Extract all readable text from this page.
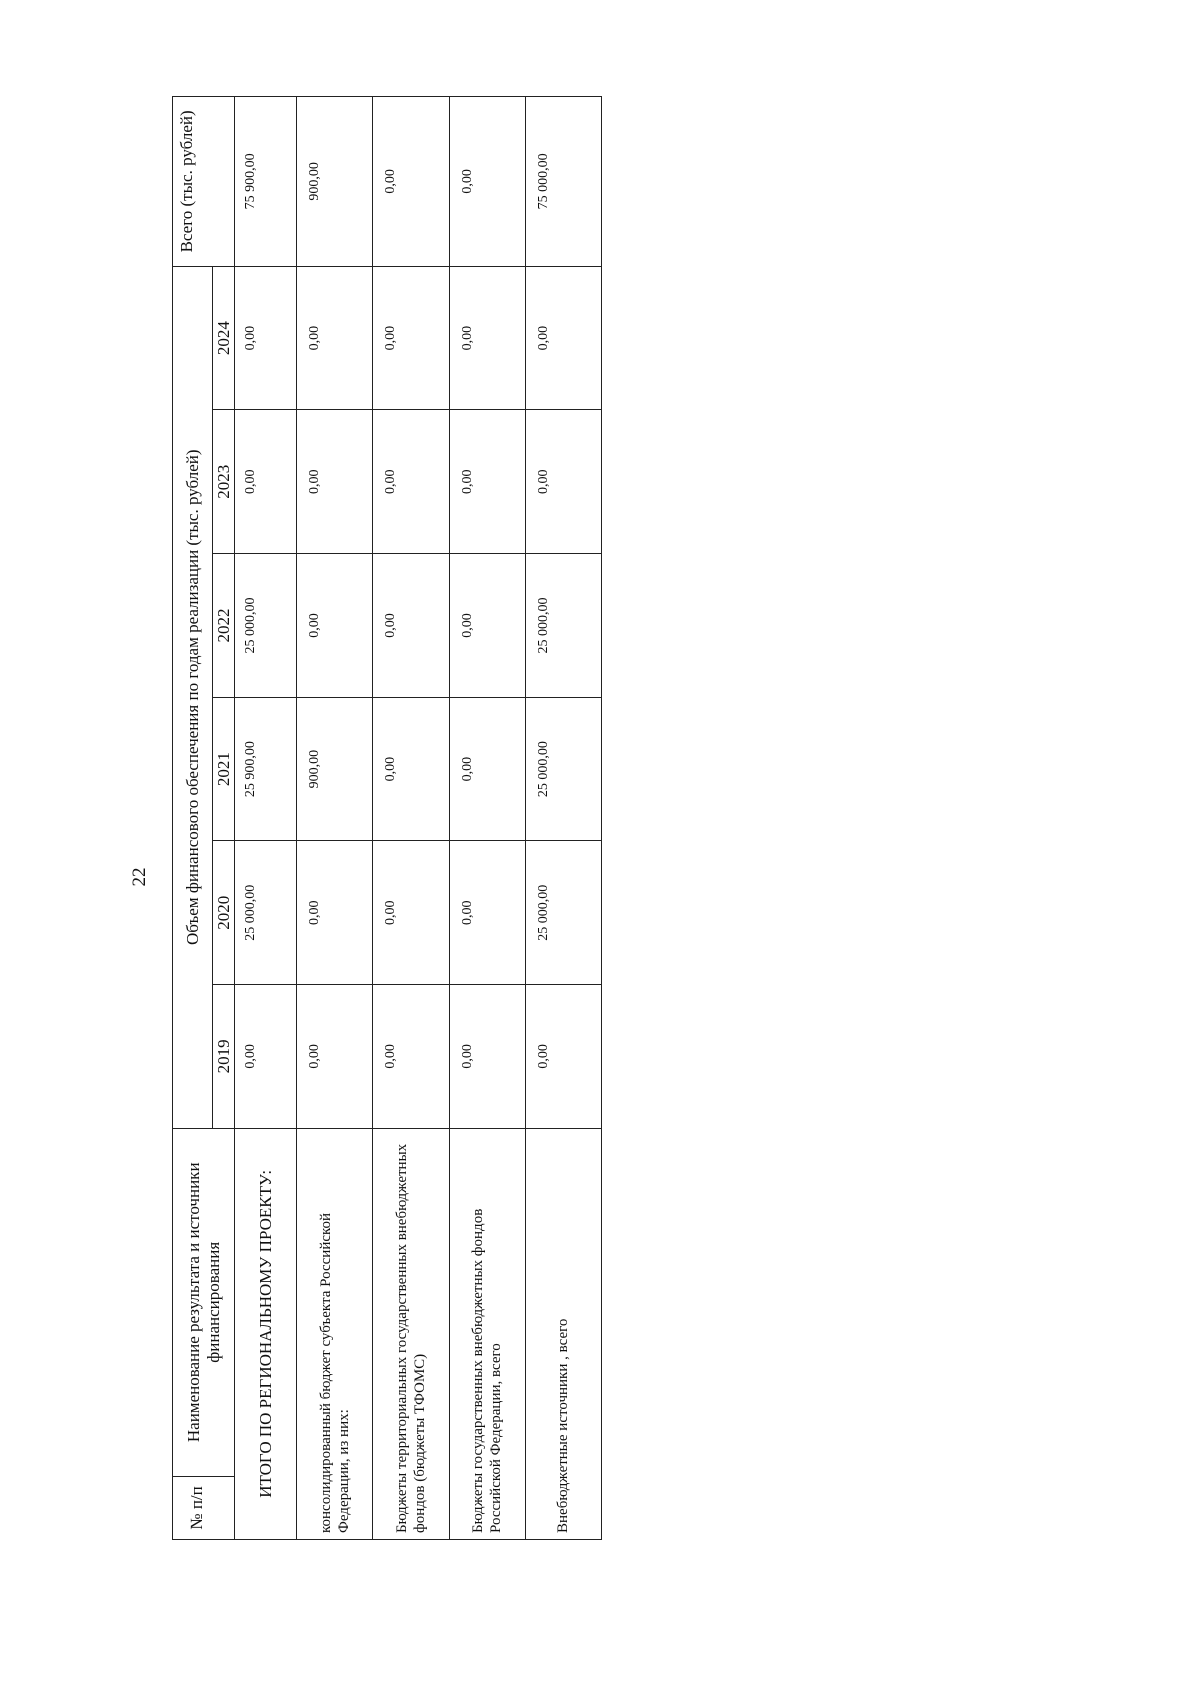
22
№ п/п	Наименование результата и источники финансирования	Объем финансового обеспечения по годам реализации (тыс. рублей)						Всего (тыс. рублей)
		2019	2020	2021	2022	2023	2024	
ИТОГО ПО РЕГИОНАЛЬНОМУ ПРОЕКТУ:		0,00	25 000,00	25 900,00	25 000,00	0,00	0,00	75 900,00
консолидированный бюджет субъекта Российской Федерации, из них:		0,00	0,00	900,00	0,00	0,00	0,00	900,00
Бюджеты территориальных государственных внебюджетных фондов (бюджеты ТФОМС)		0,00	0,00	0,00	0,00	0,00	0,00	0,00
Бюджеты государственных внебюджетных фондов Российской Федерации, всего		0,00	0,00	0,00	0,00	0,00	0,00	0,00
Внебюджетные источники , всего		0,00	25 000,00	25 000,00	25 000,00	0,00	0,00	75 000,00
